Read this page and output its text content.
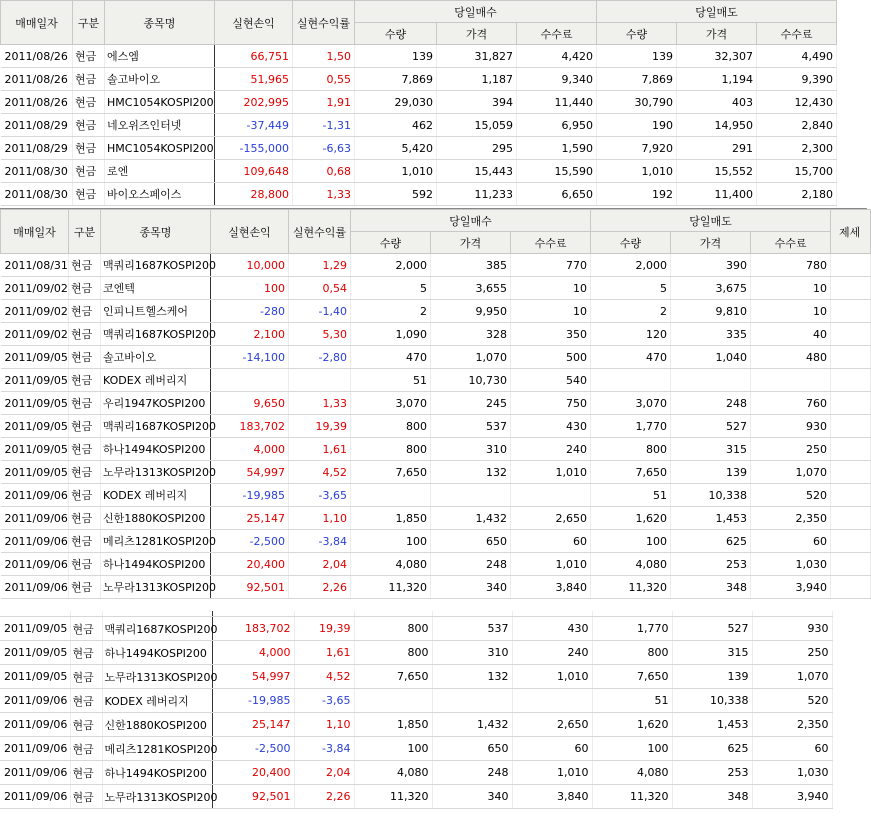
2011/09/05	현금	맥쿼리1687KOSPI200	183,702	19,39	800	537	430	1,770	527	930
2011/09/05	현금	하나1494KOSPI200	4,000	1,61	800	310	240	800	315	250
2011/09/05	현금	노무라1313KOSPI200	54,997	4,52	7,650	132	1,010	7,650	139	1,070
2011/09/06	현금	KODEX 레버리지	-19,985	-3,65				51	10,338	520
2011/09/06	현금	신한1880KOSPI200	25,147	1,10	1,850	1,432	2,650	1,620	1,453	2,350
2011/09/06	현금	메리츠1281KOSPI200	-2,500	-3,84	100	650	60	100	625	60
2011/09/06	현금	하나1494KOSPI200	20,400	2,04	4,080	248	1,010	4,080	253	1,030
2011/09/06	현금	노무라1313KOSPI200	92,501	2,26	11,320	340	3,840	11,320	348	3,940
매매일자	구분	종목명	실현손익	실현수익률	당일매수			당일매도		
					수량	가격	수수료	수량	가격	수수료
2011/08/26	현금	에스엠	66,751	1,50	139	31,827	4,420	139	32,307	4,490
2011/08/26	현금	솔고바이오	51,965	0,55	7,869	1,187	9,340	7,869	1,194	9,390
2011/08/26	현금	HMC1054KOSPI200	202,995	1,91	29,030	394	11,440	30,790	403	12,430
2011/08/29	현금	네오위즈인터넷	-37,449	-1,31	462	15,059	6,950	190	14,950	2,840
2011/08/29	현금	HMC1054KOSPI200	-155,000	-6,63	5,420	295	1,590	7,920	291	2,300
2011/08/30	현금	로엔	109,648	0,68	1,010	15,443	15,590	1,010	15,552	15,700
2011/08/30	현금	바이오스페이스	28,800	1,33	592	11,233	6,650	192	11,400	2,180
매매일자	구분	종목명	실현손익	실현수익률	당일매수			당일매도			제세
					수량	가격	수수료	수량	가격	수수료	
2011/08/31	현금	맥쿼리1687KOSPI200	10,000	1,29	2,000	385	770	2,000	390	780	
2011/09/02	현금	코엔텍	100	0,54	5	3,655	10	5	3,675	10	
2011/09/02	현금	인피니트헬스케어	-280	-1,40	2	9,950	10	2	9,810	10	
2011/09/02	현금	맥쿼리1687KOSPI200	2,100	5,30	1,090	328	350	120	335	40	
2011/09/05	현금	솔고바이오	-14,100	-2,80	470	1,070	500	470	1,040	480	
2011/09/05	현금	KODEX 레버리지			51	10,730	540				
2011/09/05	현금	우리1947KOSPI200	9,650	1,33	3,070	245	750	3,070	248	760	
2011/09/05	현금	맥쿼리1687KOSPI200	183,702	19,39	800	537	430	1,770	527	930	
2011/09/05	현금	하나1494KOSPI200	4,000	1,61	800	310	240	800	315	250	
2011/09/05	현금	노무라1313KOSPI200	54,997	4,52	7,650	132	1,010	7,650	139	1,070	
2011/09/06	현금	KODEX 레버리지	-19,985	-3,65				51	10,338	520	
2011/09/06	현금	신한1880KOSPI200	25,147	1,10	1,850	1,432	2,650	1,620	1,453	2,350	
2011/09/06	현금	메리츠1281KOSPI200	-2,500	-3,84	100	650	60	100	625	60	
2011/09/06	현금	하나1494KOSPI200	20,400	2,04	4,080	248	1,010	4,080	253	1,030	
2011/09/06	현금	노무라1313KOSPI200	92,501	2,26	11,320	340	3,840	11,320	348	3,940	
